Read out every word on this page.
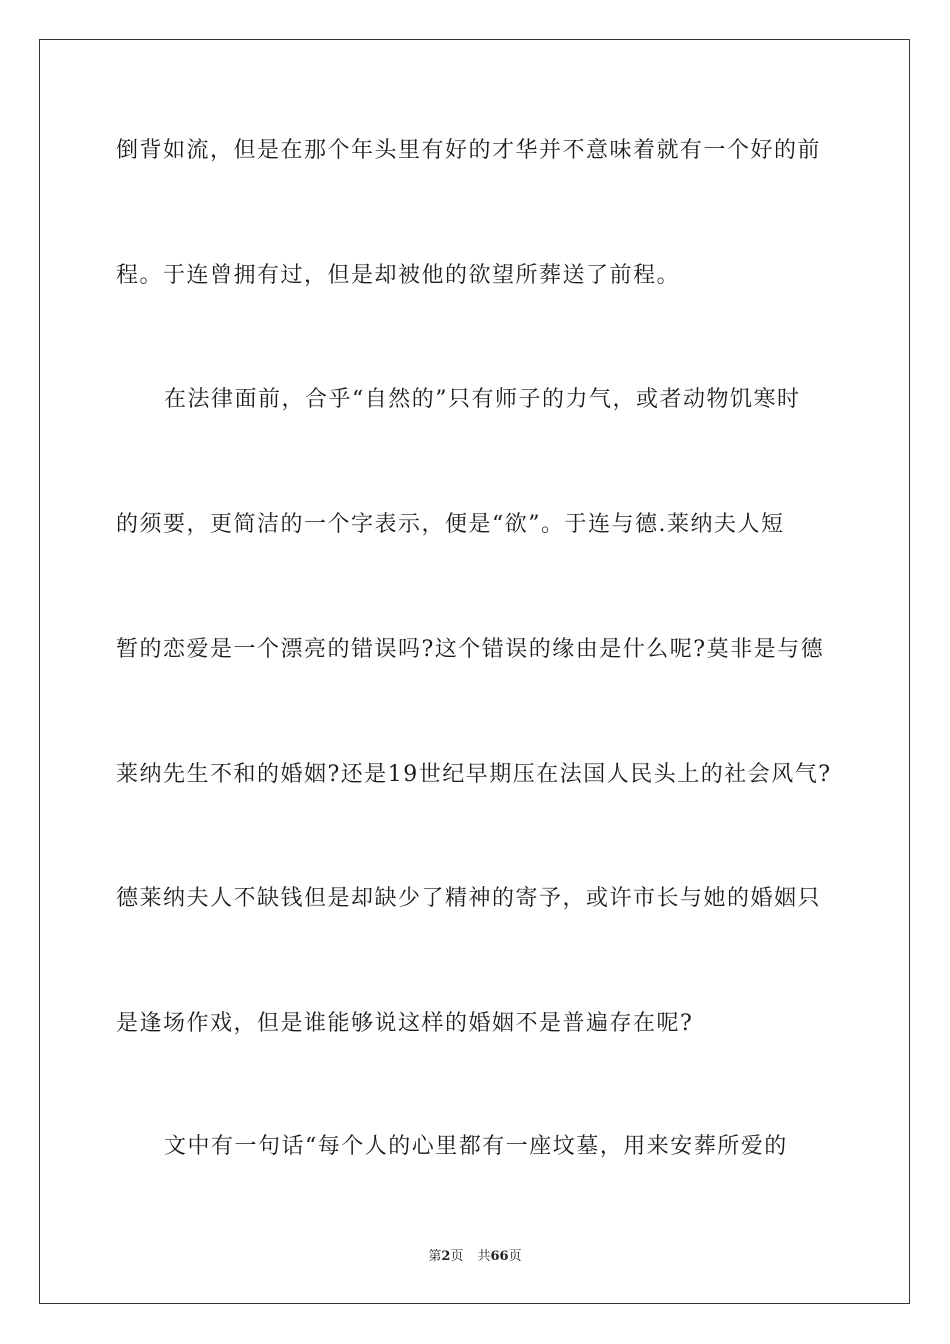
倒背如流，但是在那个年头里有好的才华并不意味着就有一个好的前
程。于连曾拥有过，但是却被他的欲望所葬送了前程。
在法律面前，合乎“自然的”只有师子的力气，或者动物饥寒时
的须要，更简洁的一个字表示，便是“欲”。于连与德.莱纳夫人短
暂的恋爱是一个漂亮的错误吗?这个错误的缘由是什么呢?莫非是与德
莱纳先生不和的婚姻?还是19世纪早期压在法国人民头上的社会风气?
德莱纳夫人不缺钱但是却缺少了精神的寄予，或许市长与她的婚姻只
是逢场作戏，但是谁能够说这样的婚姻不是普遍存在呢?
文中有一句话“每个人的心里都有一座坟墓，用来安葬所爱的
第2页 共66页
